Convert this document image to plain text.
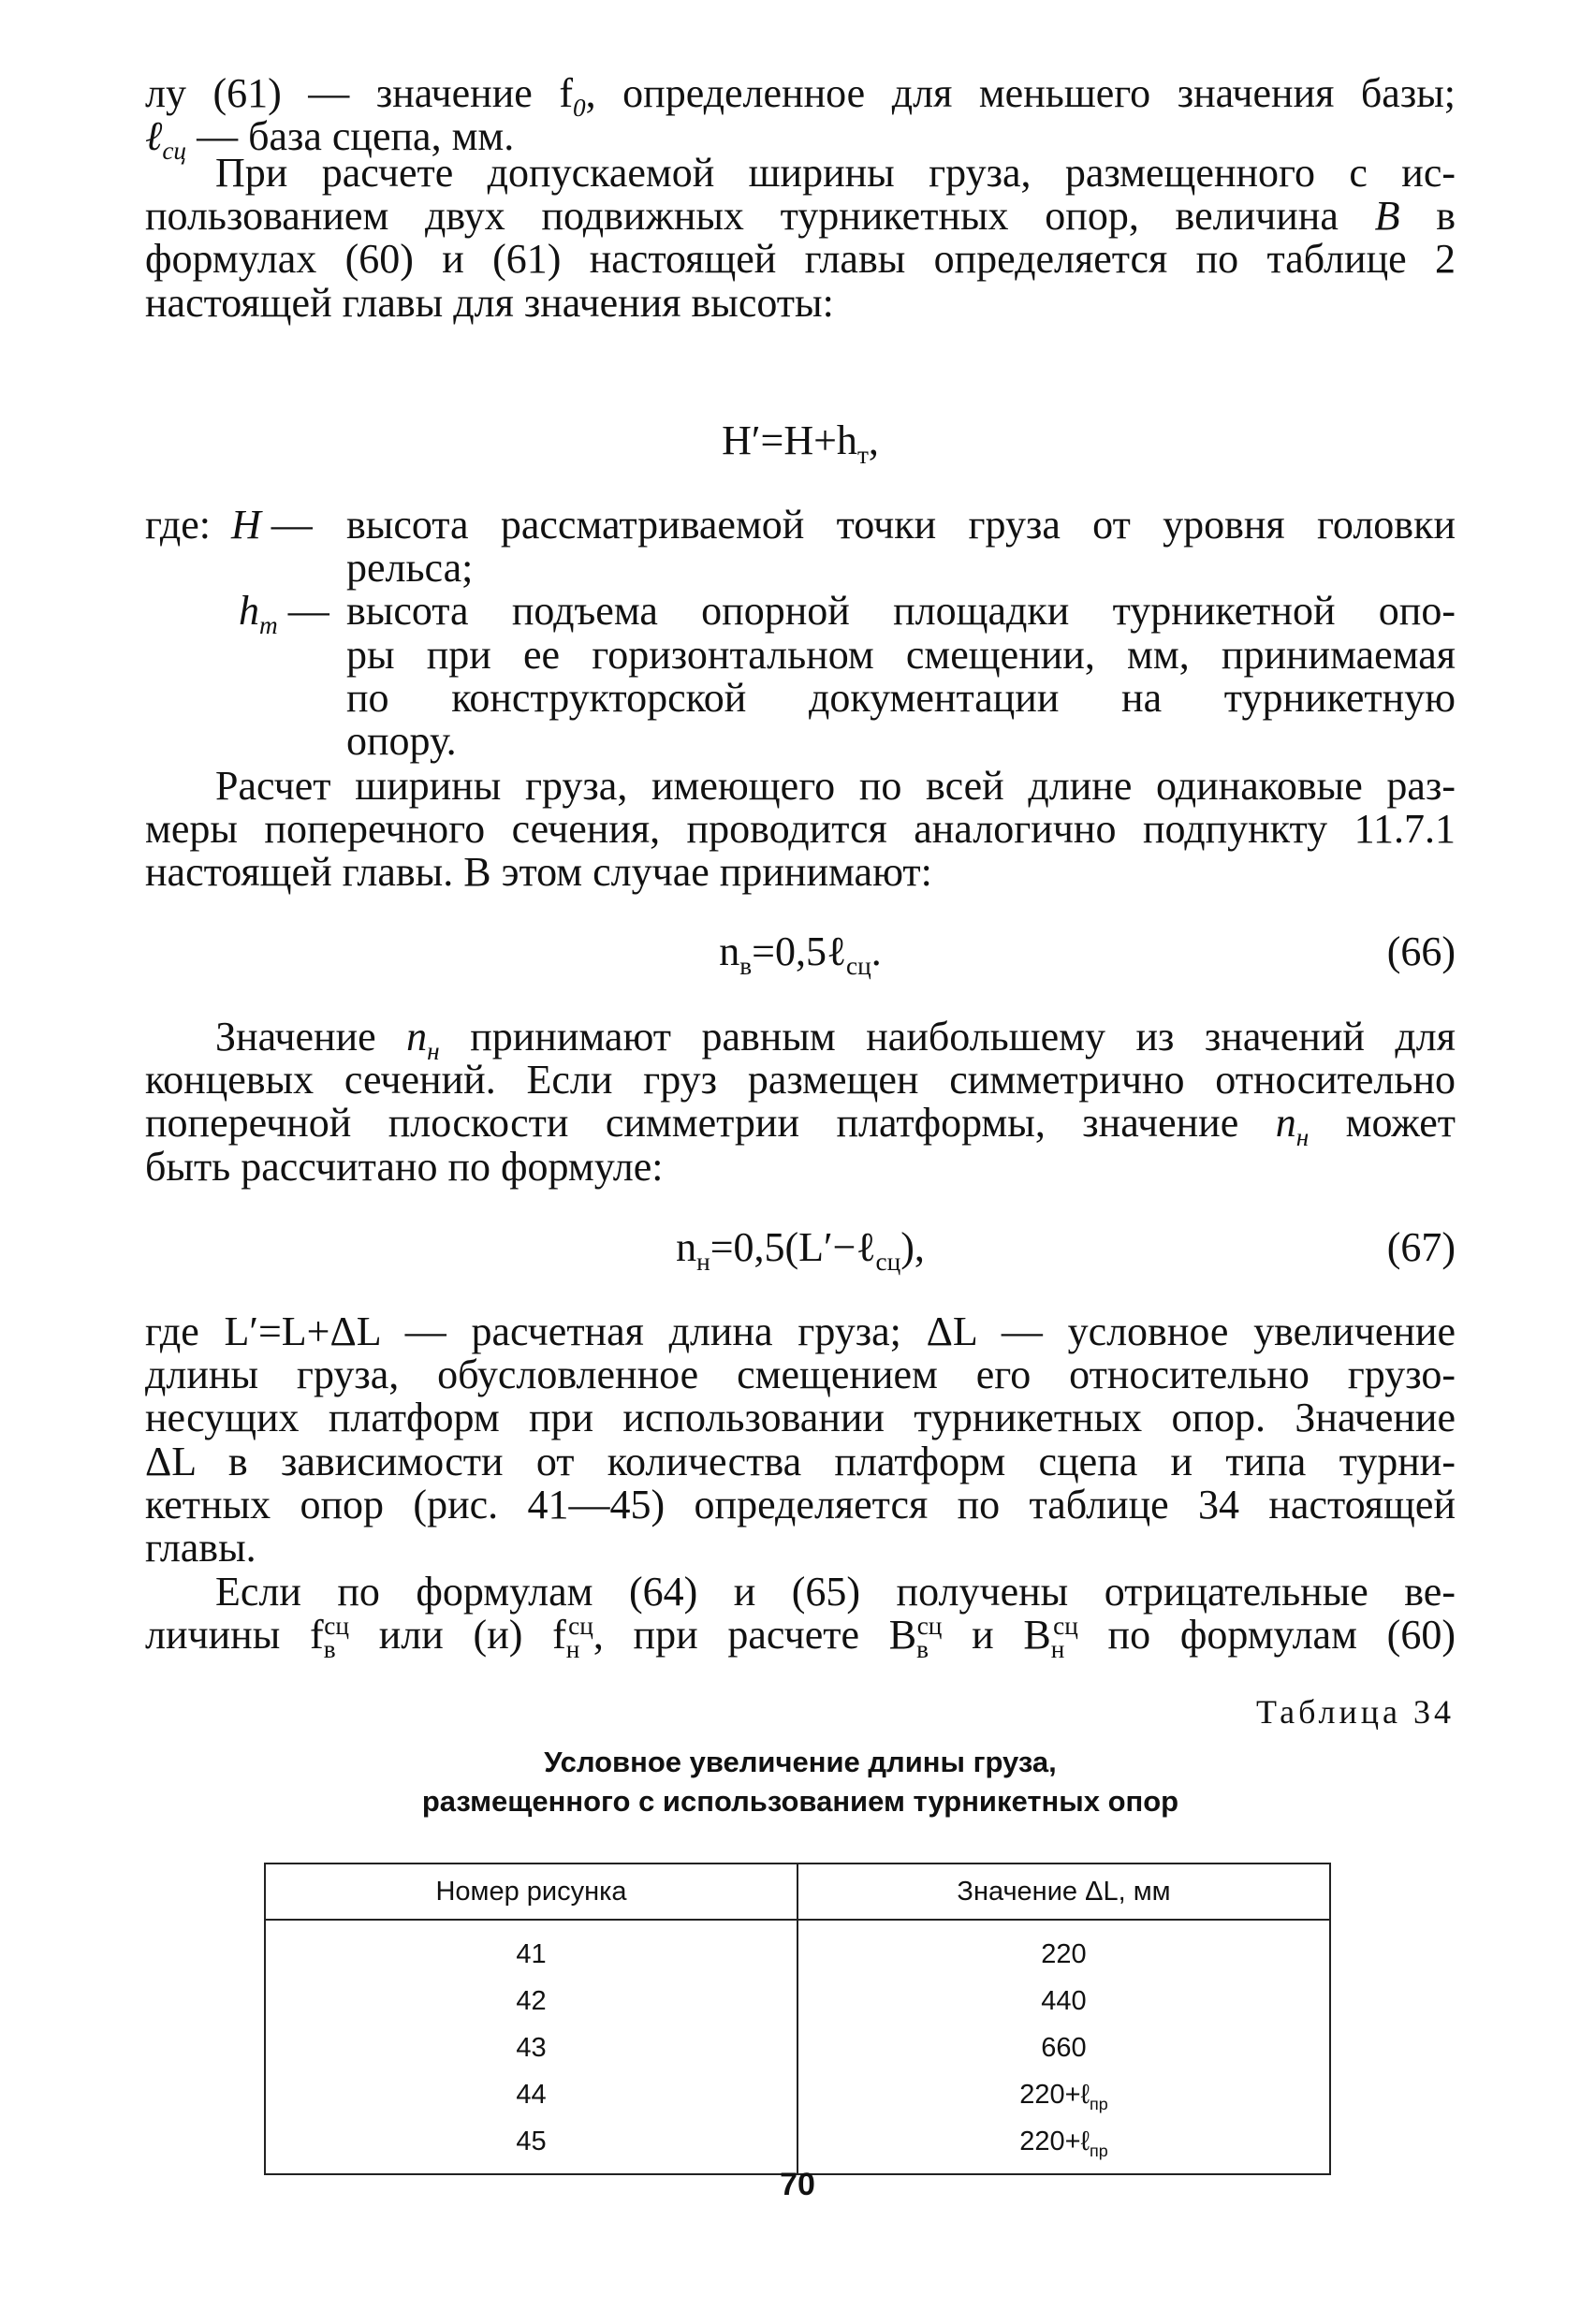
лу (61) — значение $f_0$, определенное для меньшего значения базы;
ℓ$_{сц}$ — база сцепа, мм.
При расчете допускаемой ширины груза, размещенного с ис-
пользованием двух подвижных турникетных опор, величина B в
формулах (60) и (61) настоящей главы определяется по таблице 2
настоящей главы для значения высоты:
$H'=H+h_т$,
где: H — высота рассматриваемой точки груза от уровня головки
рельса;
$h_т$ — высота подъема опорной площадки турникетной опо-
ры при ее горизонтальном смещении, мм, принимаемая
по конструкторской документации на турникетную
опору.
Расчет ширины груза, имеющего по всей длине одинаковые раз-
меры поперечного сечения, проводится аналогично подпункту 11.7.1
настоящей главы. В этом случае принимают:
$n_в=0,5\ell_{сц}$.	(66)
Значение $n_н$ принимают равным наибольшему из значений для
концевых сечений. Если груз размещен симметрично относительно
поперечной плоскости симметрии платформы, значение $n_н$ может
быть рассчитано по формуле:
$n_н=0,5(L'-\ell_{сц})$,	(67)
где L′=L+ΔL — расчетная длина груза; ΔL — условное увеличение
длины груза, обусловленное смещением его относительно грузо-
несущих платформ при использовании турникетных опор. Значение
ΔL в зависимости от количества платформ сцепа и типа турни-
кетных опор (рис. 41—45) определяется по таблице 34 настоящей
главы.
Если по формулам (64) и (65) получены отрицательные ве-
личины $f_в^{сц}$ или (и) $f_н^{сц}$, при расчете $B_в^{сц}$ и $B_н^{сц}$ по формулам (60)
Таблица 34
Условное увеличение длины груза,
размещенного с использованием турникетных опор
Номер рисунка	Значение ΔL, мм
41	220
42	440
43	660
44	220+ℓ$_{пр}$
45	220+ℓ$_{пр}$
70
